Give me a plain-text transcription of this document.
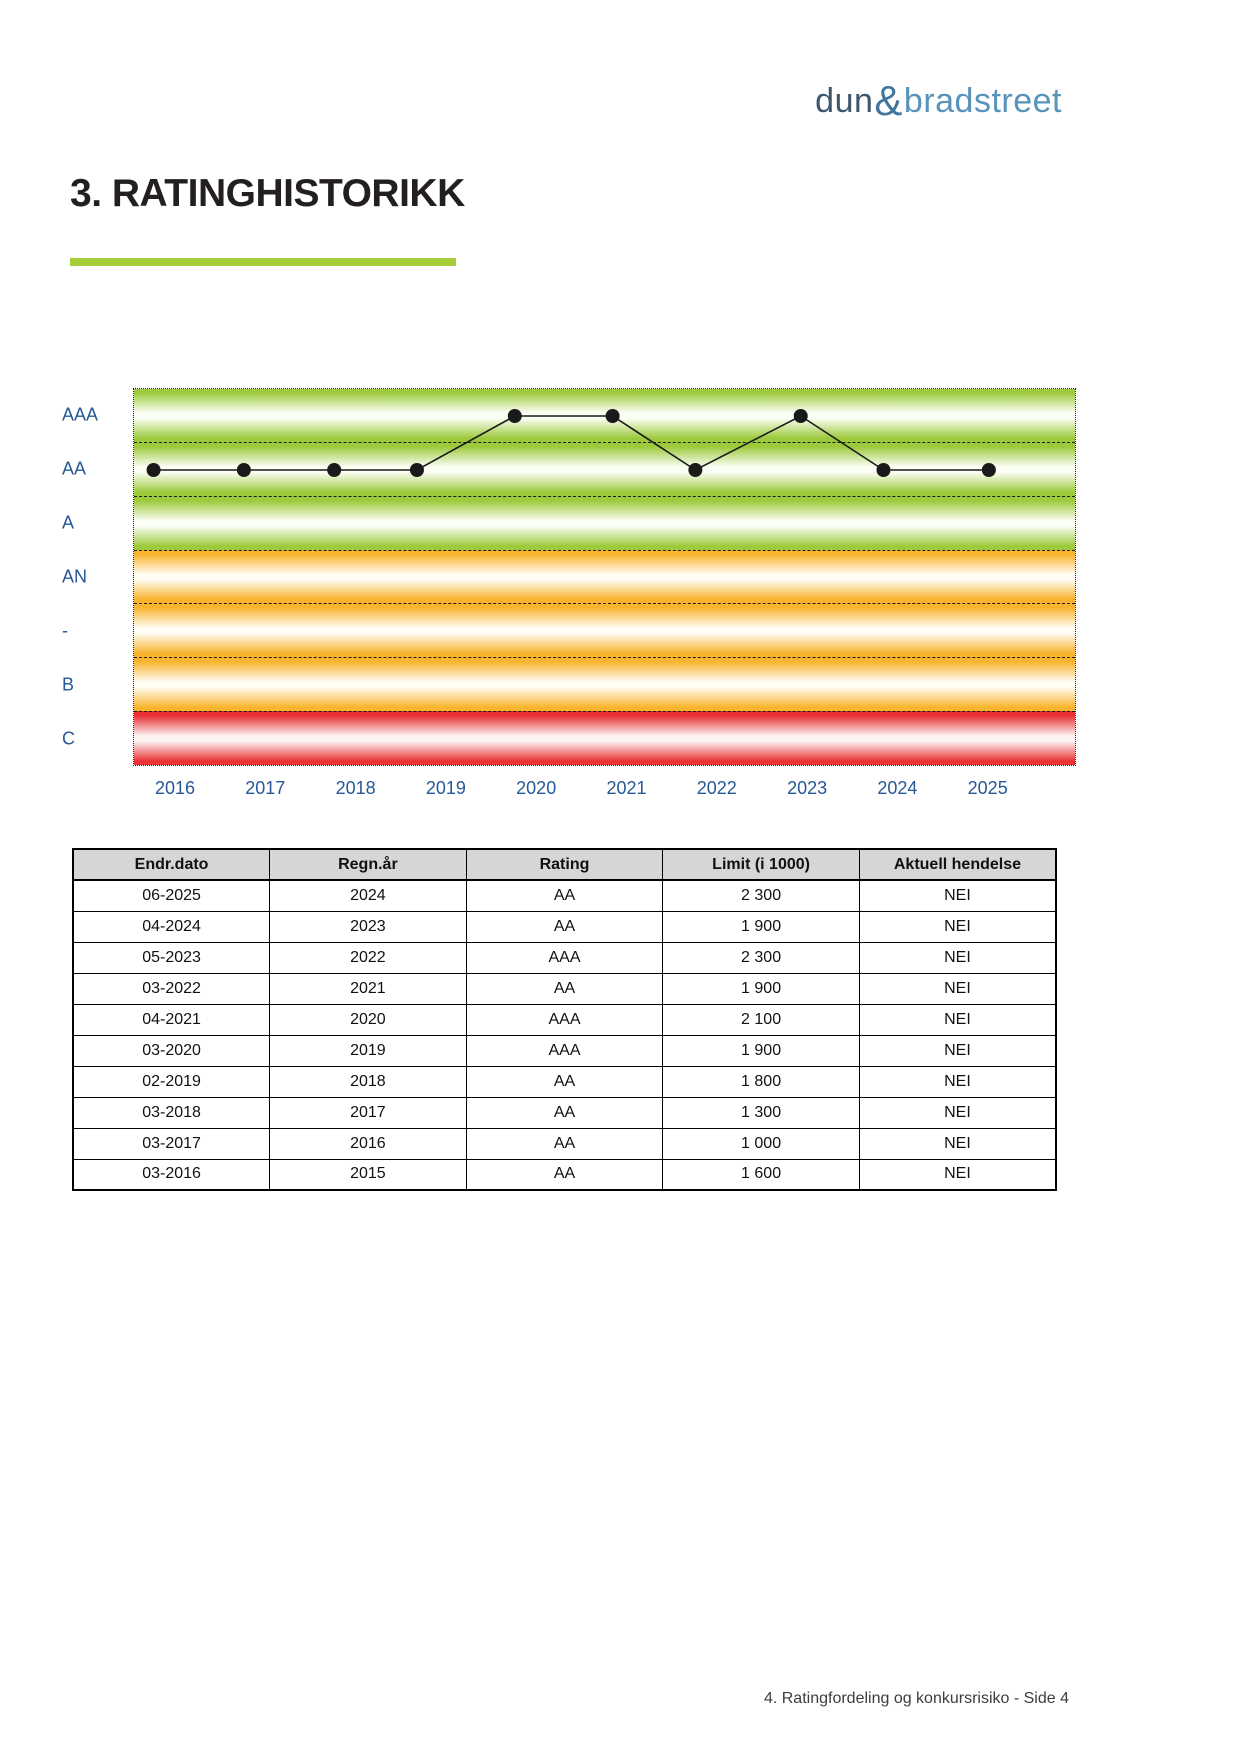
dun&bradstreet
3. RATINGHISTORIKK
AAA
AA
A
AN
-
B
C
2016	2017	2018	2019	2020	2021	2022	2023	2024	2025
Endr.dato	Regn.år	Rating	Limit (i 1000)	Aktuell hendelse
06-2025	2024	AA	2 300	NEI
04-2024	2023	AA	1 900	NEI
05-2023	2022	AAA	2 300	NEI
03-2022	2021	AA	1 900	NEI
04-2021	2020	AAA	2 100	NEI
03-2020	2019	AAA	1 900	NEI
02-2019	2018	AA	1 800	NEI
03-2018	2017	AA	1 300	NEI
03-2017	2016	AA	1 000	NEI
03-2016	2015	AA	1 600	NEI
4. Ratingfordeling og konkursrisiko - Side 4
